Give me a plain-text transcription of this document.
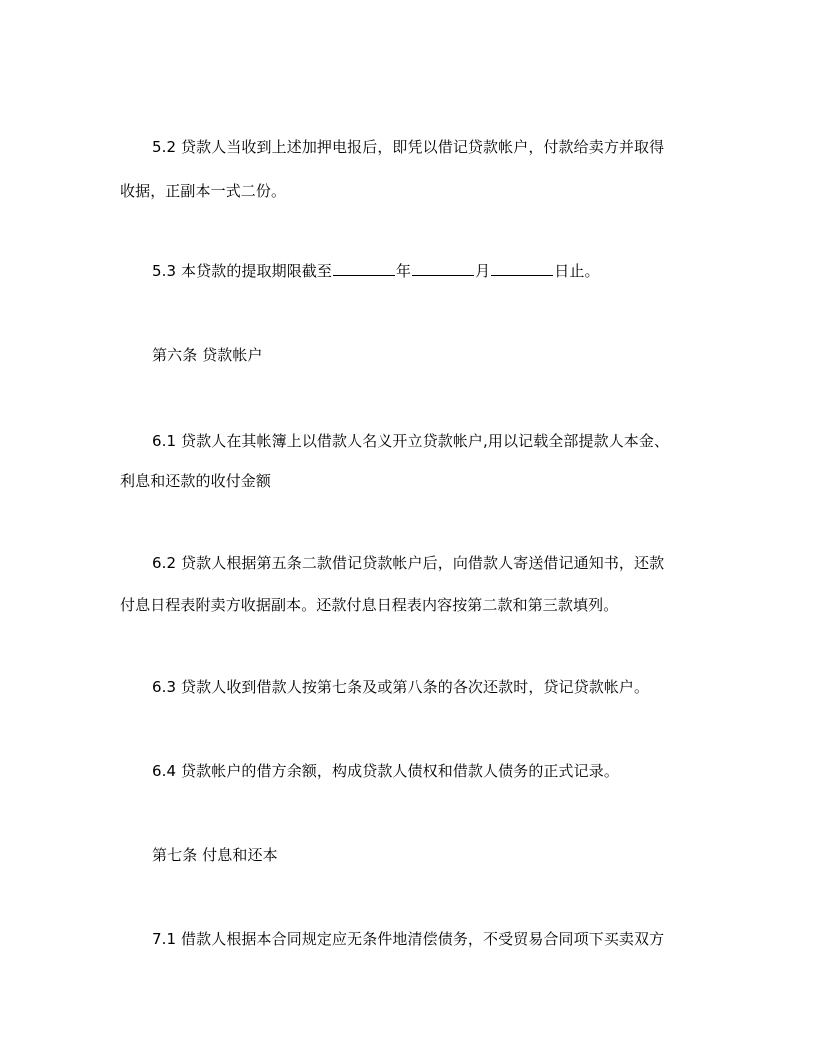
5.2 贷款人当收到上述加押电报后，即凭以借记贷款帐户，付款给卖方并取得
收据，正副本一式二份。
5.3 本贷款的提取期限截至	年	月	日止。
第六条 贷款帐户
6.1 贷款人在其帐簿上以借款人名义开立贷款帐户,用以记载全部提款人本金、
利息和还款的收付金额
6.2 贷款人根据第五条二款借记贷款帐户后，向借款人寄送借记通知书，还款
付息日程表附卖方收据副本。还款付息日程表内容按第二款和第三款填列。
6.3 贷款人收到借款人按第七条及或第八条的各次还款时，贷记贷款帐户。
6.4 贷款帐户的借方余额，构成贷款人债权和借款人债务的正式记录。
第七条 付息和还本
7.1 借款人根据本合同规定应无条件地清偿债务，不受贸易合同项下买卖双方
